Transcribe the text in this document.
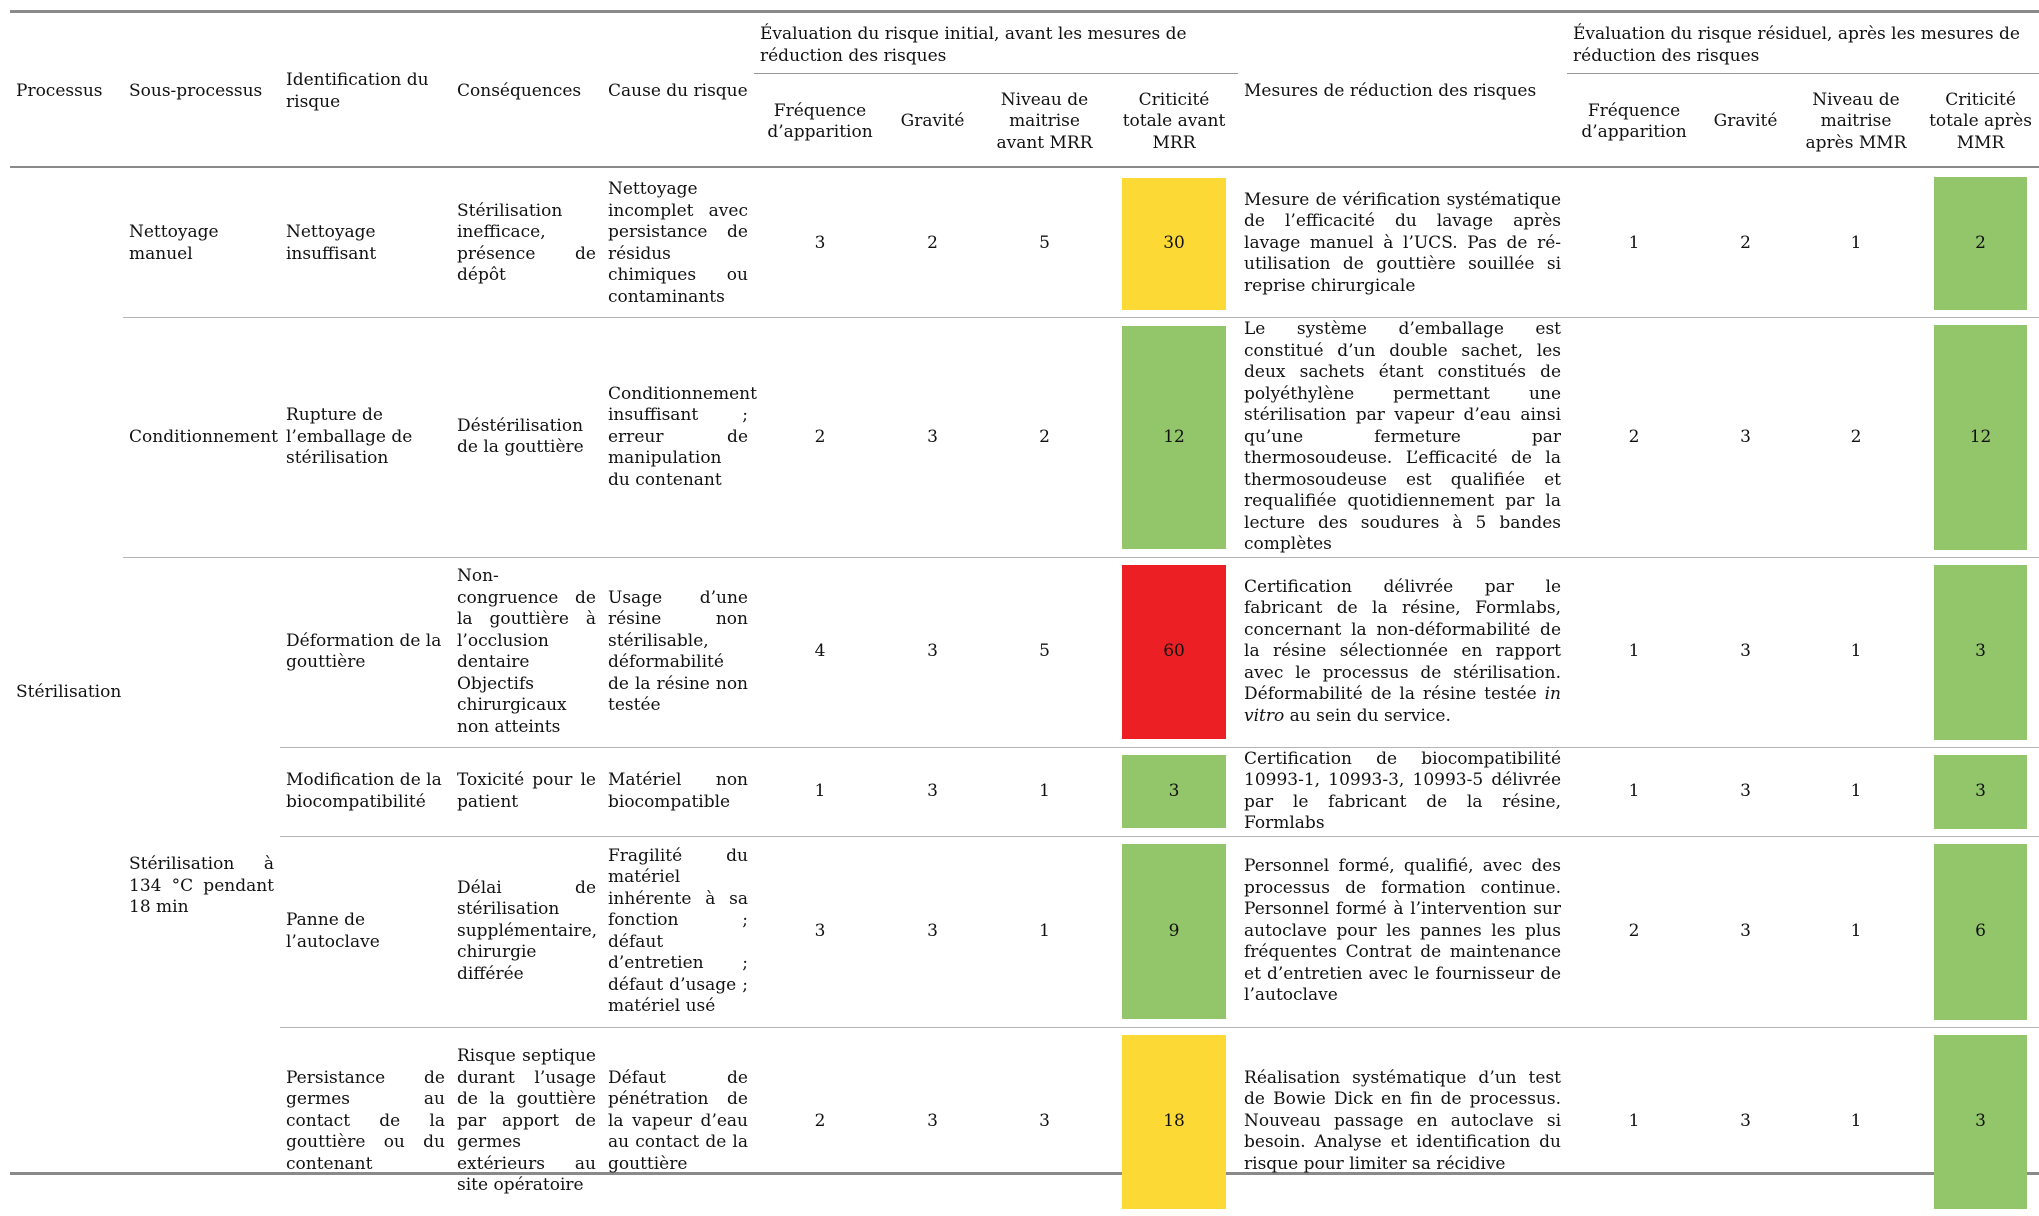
Processus	Sous-processus	Identification du risque	Conséquences	Cause du risque	Évaluation du risque initial, avant les mesures de réduction des risques				Mesures de réduction des risques	Évaluation du risque résiduel, après les mesures de réduction des risques			
					Fréquence d’apparition	Gravité	Niveau de maitrise avant MRR	Criticité totale avant MRR		Fréquence d’apparition	Gravité	Niveau de maitrise après MMR	Criticité totale après MMR
Stérilisation	Nettoyage manuel	Nettoyage insuffisant	Stérilisation inefficace, présence de dépôt	Nettoyage incomplet avec persistance de résidus chimiques ou contaminants	3	2	5	30	Mesure de vérification systématique de l’efficacité du lavage après lavage manuel à l’UCS. Pas de ré-utilisation de gouttière souillée si reprise chirurgicale	1	2	1	2

	Conditionnement	Rupture de l’emballage de stérilisation	Déstérilisation de la gouttière	Conditionnement insuffisant ; erreur de manipulation du contenant	2	3	2	12	Le système d’emballage est constitué d’un double sachet, les deux sachets étant constitués de polyéthylène permettant une stérilisation par vapeur d’eau ainsi qu’une fermeture par thermosoudeuse. L’efficacité de la thermosoudeuse est qualifiée et requalifiée quotidiennement par la lecture des soudures à 5 bandes complètes	2	3	2	12

	Stérilisation à 134 °C pendant 18 min	Déformation de la gouttière	Non-congruence de la gouttière à l’occlusion dentaire Objectifs chirurgicaux non atteints	Usage d’une résine non stérilisable, déformabilité de la résine non testée	4	3	5	60	Certification délivrée par le fabricant de la résine, Formlabs, concernant la non-déformabilité de la résine sélectionnée en rapport avec le processus de stérilisation. Déformabilité de la résine testée in vitro au sein du service.	1	3	1	3

		Modification de la biocompatibilité	Toxicité pour le patient	Matériel non biocompatible	1	3	1	3	Certification de biocompatibilité 10993-1, 10993-3, 10993-5 délivrée par le fabricant de la résine, Formlabs	1	3	1	3

		Panne de l’autoclave	Délai de stérilisation supplémentaire, chirurgie différée	Fragilité du matériel inhérente à sa fonction ; défaut d’entretien ; défaut d’usage ; matériel usé	3	3	1	9	Personnel formé, qualifié, avec des processus de formation continue. Personnel formé à l’intervention sur autoclave pour les pannes les plus fréquentes Contrat de maintenance et d’entretien avec le fournisseur de l’autoclave	2	3	1	6

		Persistance de germes au contact de la gouttière ou du contenant	Risque septique durant l’usage de la gouttière par apport de germes extérieurs au site opératoire	Défaut de pénétration de la vapeur d’eau au contact de la gouttière	2	3	3	18	Réalisation systématique d’un test de Bowie Dick en fin de processus. Nouveau passage en autoclave si besoin. Analyse et identification du risque pour limiter sa récidive	1	3	1	3
